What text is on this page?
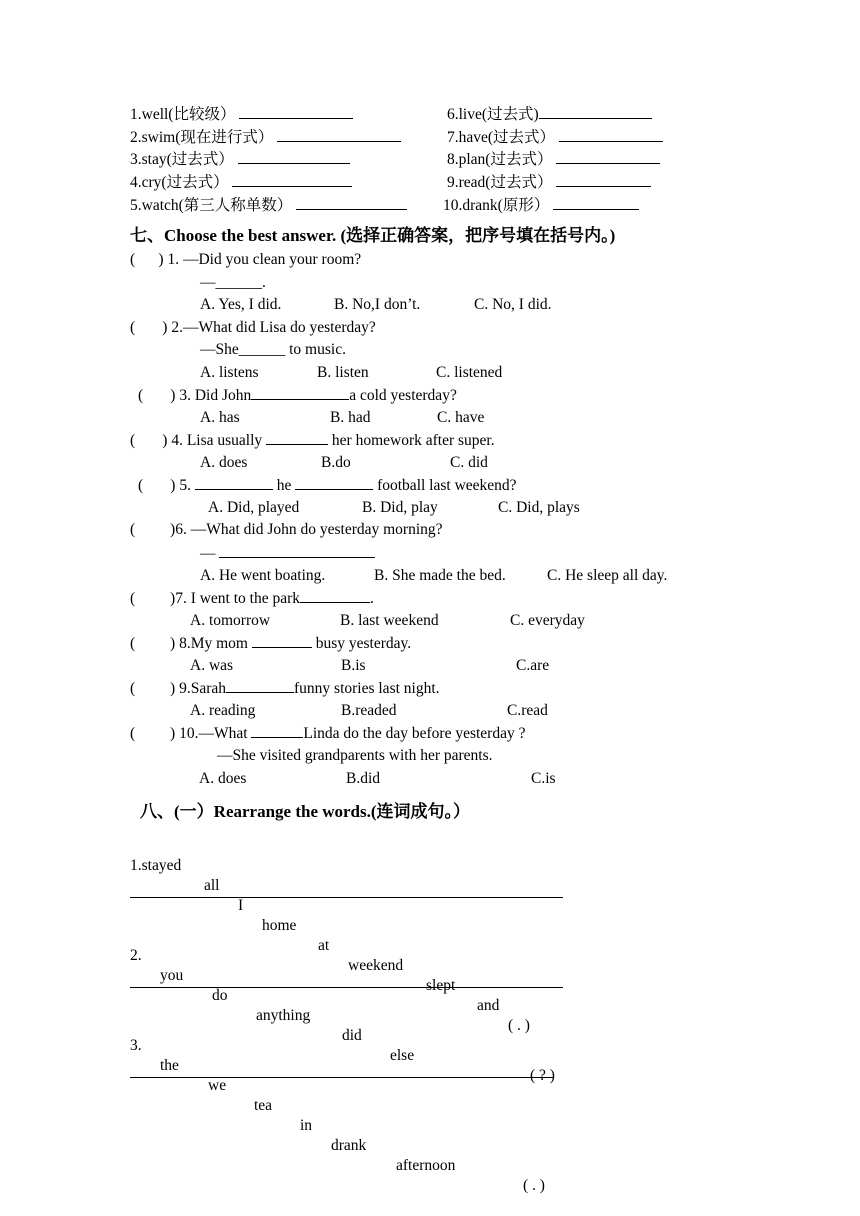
1.well(比较级）	6.live(过去式)
2.swim(现在进行式）	7.have(过去式）
3.stay(过去式）	8.plan(过去式）
4.cry(过去式）	9.read(过去式）
5.watch(第三人称单数）	10.drank(原形）
七、Choose the best answer. (选择正确答案，把序号填在括号内。)
(      ) 1. —Did you clean your room?
—______.
A. Yes, I did.	B. No,I don’t.	C. No, I did.
(       ) 2.—What did Lisa do yesterday?
—She______ to music.
A. listens	B. listen	C. listened
(       ) 3. Did John	a cold yesterday?
A. has	B. had	C. have
(       ) 4. Lisa usually	her homework after super.
A. does	B.do	C. did
(       ) 5.	he	football last weekend?
A. Did, played	B. Did, play	C. Did, plays
(         )6. —What did John do yesterday morning?
—
A. He went boating.	B. She made the bed.	C. He sleep all day.
(         )7. I went to the park	.
A. tomorrow	B. last weekend	C. everyday
(         ) 8.My mom	busy yesterday.
A. was	B.is	C.are
(         ) 9.Sarah	funny stories last night.
A. reading	B.readed	C.read
(         ) 10.—What	Linda do the day before yesterday ?
—She visited grandparents with her parents.
A. does	B.did	C.is
八、(一）Rearrange the words.(连词成句。）

1.stayed

all

I

home

at

weekend

slept

and

( . )

2.

you

do

anything

did

else

( ? )

3.

the

we

tea

in

drank

afternoon

( . )
